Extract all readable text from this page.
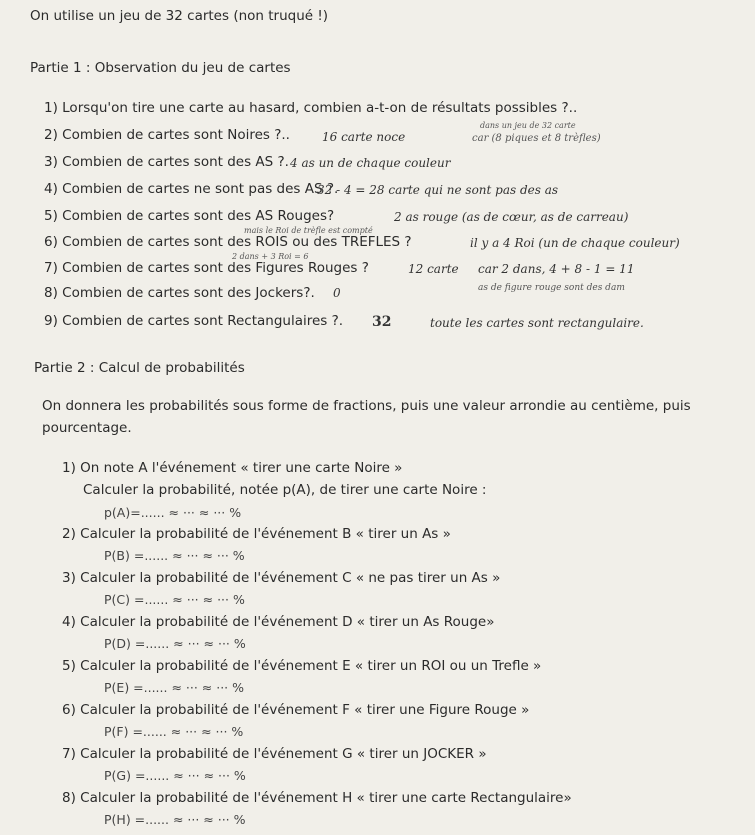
On utilise un jeu de 32 cartes (non truqué !)
Partie 1 : Observation du jeu de cartes
1) Lorsqu'on tire une carte au hasard, combien a-t-on de résultats possibles ?..
2) Combien de cartes sont Noires ?..
3) Combien de cartes sont des AS ?.
4) Combien de cartes ne sont pas des AS ?.
5) Combien de cartes sont des AS Rouges?
6) Combien de cartes sont des ROIS ou des TREFLES ?
7) Combien de cartes sont des Figures Rouges ?
8) Combien de cartes sont des Jockers?.
9) Combien de cartes sont Rectangulaires ?.
16 carte noce
dans un jeu de 32 carte
car (8 piques et 8 trèfles)
4 as un de chaque couleur
32 - 4 = 28 carte qui ne sont pas des as
2 as rouge (as de cœur, as de carreau)
il y a 4 Roi (un de chaque couleur)
mais le Roi de trèfle est compté
2 dans + 3 Roi = 6
12 carte car 2 dans, 4 + 8 - 1 = 11
0	as de figure rouge sont des dam
32	toute les cartes sont rectangulaire.
Partie 2 : Calcul de probabilités
On donnera les probabilités sous forme de fractions, puis une valeur arrondie au centième, puis
pourcentage.
1) On note A l'événement « tirer une carte Noire »
Calculer la probabilité, notée p(A), de tirer une carte Noire :
p(A)=...... ≈ ··· ≈ ··· %
2) Calculer la probabilité de l'événement B « tirer un As »
P(B) =...... ≈ ··· ≈ ··· %
3) Calculer la probabilité de l'événement C « ne pas tirer un As »
P(C) =...... ≈ ··· ≈ ··· %
4) Calculer la probabilité de l'événement D « tirer un As Rouge»
P(D) =...... ≈ ··· ≈ ··· %
5) Calculer la probabilité de l'événement E « tirer un ROI ou un Trefle »
P(E) =...... ≈ ··· ≈ ··· %
6) Calculer la probabilité de l'événement F « tirer une Figure Rouge »
P(F) =...... ≈ ··· ≈ ··· %
7) Calculer la probabilité de l'événement G « tirer un JOCKER »
P(G) =...... ≈ ··· ≈ ··· %
8) Calculer la probabilité de l'événement H « tirer une carte Rectangulaire»
P(H) =...... ≈ ··· ≈ ··· %
